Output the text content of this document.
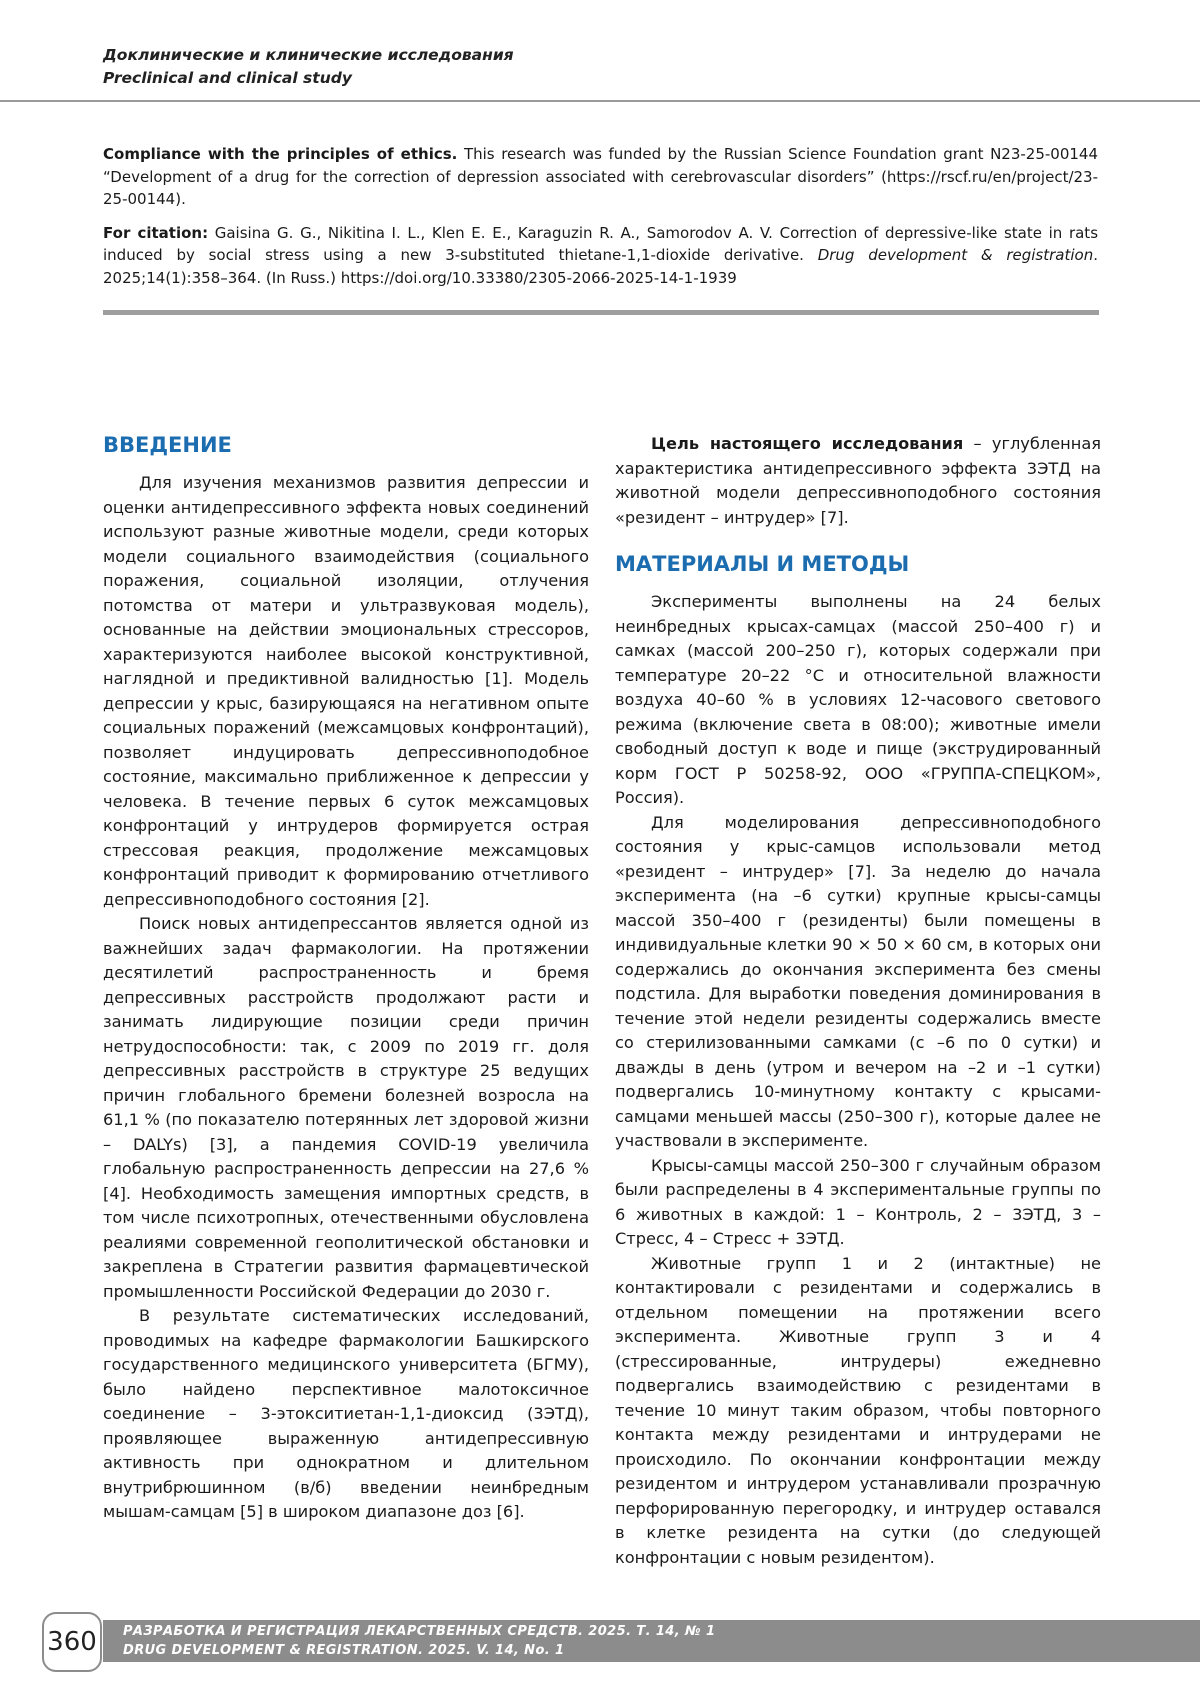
Доклинические и клинические исследования
Preclinical and clinical study

Compliance with the principles of ethics. This research was funded by the Russian Science Foundation grant N23-25-00144 “Development of a drug for the correction of depression associated with cerebrovascular disorders” (https://rscf.ru/en/project/23-25-00144).

For citation: Gaisina G. G., Nikitina I. L., Klen E. E., Karaguzin R. A., Samorodov A. V. Correction of depressive-like state in rats induced by social stress using a new 3-substituted thietane-1,1-dioxide derivative. Drug development & registration. 2025;14(1):358–364. (In Russ.) https://doi.org/10.33380/2305-2066-2025-14-1-1939

ВВЕДЕНИЕ

Для изучения механизмов развития депрессии и оценки антидепрессивного эффекта новых соединений используют разные животные модели, среди которых модели социального взаимодействия (социального поражения, социальной изоляции, отлучения потомства от матери и ультразвуковая модель), основанные на действии эмоциональных стрессоров, характеризуются наиболее высокой конструктивной, наглядной и предиктивной валидностью [1]. Модель депрессии у крыс, базирующаяся на негативном опыте социальных поражений (межсамцовых конфронтаций), позволяет индуцировать депрессивноподобное состояние, максимально приближенное к депрессии у человека. В течение первых 6 суток межсамцовых конфронтаций у интрудеров формируется острая стрессовая реакция, продолжение межсамцовых конфронтаций приводит к формированию отчетливого депрессивноподобного состояния [2].

Поиск новых антидепрессантов является одной из важнейших задач фармакологии. На протяжении десятилетий распространенность и бремя депрессивных расстройств продолжают расти и занимать лидирующие позиции среди причин нетрудоспособности: так, с 2009 по 2019 гг. доля депрессивных расстройств в структуре 25 ведущих причин глобального бремени болезней возросла на 61,1 % (по показателю потерянных лет здоровой жизни – DALYs) [3], а пандемия COVID-19 увеличила глобальную распространенность депрессии на 27,6 % [4]. Необходимость замещения импортных средств, в том числе психотропных, отечественными обусловлена реалиями современной геополитической обстановки и закреплена в Стратегии развития фармацевтической промышленности Российской Федерации до 2030 г.

В результате систематических исследований, проводимых на кафедре фармакологии Башкирского государственного медицинского университета (БГМУ), было найдено перспективное малотоксичное соединение – 3-этокситиетан-1,1-диоксид (3ЭТД), проявляющее выраженную антидепрессивную активность при однократном и длительном внутрибрюшинном (в/б) введении неинбредным мышам-самцам [5] в широком диапазоне доз [6].

Цель настоящего исследования – углубленная характеристика антидепрессивного эффекта 3ЭТД на животной модели депрессивноподобного состояния «резидент – интрудер» [7].

МАТЕРИАЛЫ И МЕТОДЫ

Эксперименты выполнены на 24 белых неинбредных крысах-самцах (массой 250–400 г) и самках (массой 200–250 г), которых содержали при температуре 20–22 °С и относительной влажности воздуха 40–60 % в условиях 12-часового светового режима (включение света в 08:00); животные имели свободный доступ к воде и пище (экструдированный корм ГОСТ Р 50258-92, ООО «ГРУППА-СПЕЦКОМ», Россия).

Для моделирования депрессивноподобного состояния у крыс-самцов использовали метод «резидент – интрудер» [7]. За неделю до начала эксперимента (на –6 сутки) крупные крысы-самцы массой 350–400 г (резиденты) были помещены в индивидуальные клетки 90 × 50 × 60 см, в которых они содержались до окончания эксперимента без смены подстила. Для выработки поведения доминирования в течение этой недели резиденты содержались вместе со стерилизованными самками (с –6 по 0 сутки) и дважды в день (утром и вечером на –2 и –1 сутки) подвергались 10-минутному контакту с крысами-самцами меньшей массы (250–300 г), которые далее не участвовали в эксперименте.

Крысы-самцы массой 250–300 г случайным образом были распределены в 4 экспериментальные группы по 6 животных в каждой: 1 – Контроль, 2 – 3ЭТД, 3 – Стресс, 4 – Стресс + 3ЭТД.

Животные групп 1 и 2 (интактные) не контактировали с резидентами и содержались в отдельном помещении на протяжении всего эксперимента. Животные групп 3 и 4 (стрессированные, интрудеры) ежедневно подвергались взаимодействию с резидентами в течение 10 минут таким образом, чтобы повторного контакта между резидентами и интрудерами не происходило. По окончании конфронтации между резидентом и интрудером устанавливали прозрачную перфорированную перегородку, и интрудер оставался в клетке резидента на сутки (до следующей конфронтации с новым резидентом).

РАЗРАБОТКА И РЕГИСТРАЦИЯ ЛЕКАРСТВЕННЫХ СРЕДСТВ. 2025. Т. 14, № 1
DRUG DEVELOPMENT & REGISTRATION. 2025. V. 14, No. 1
360
